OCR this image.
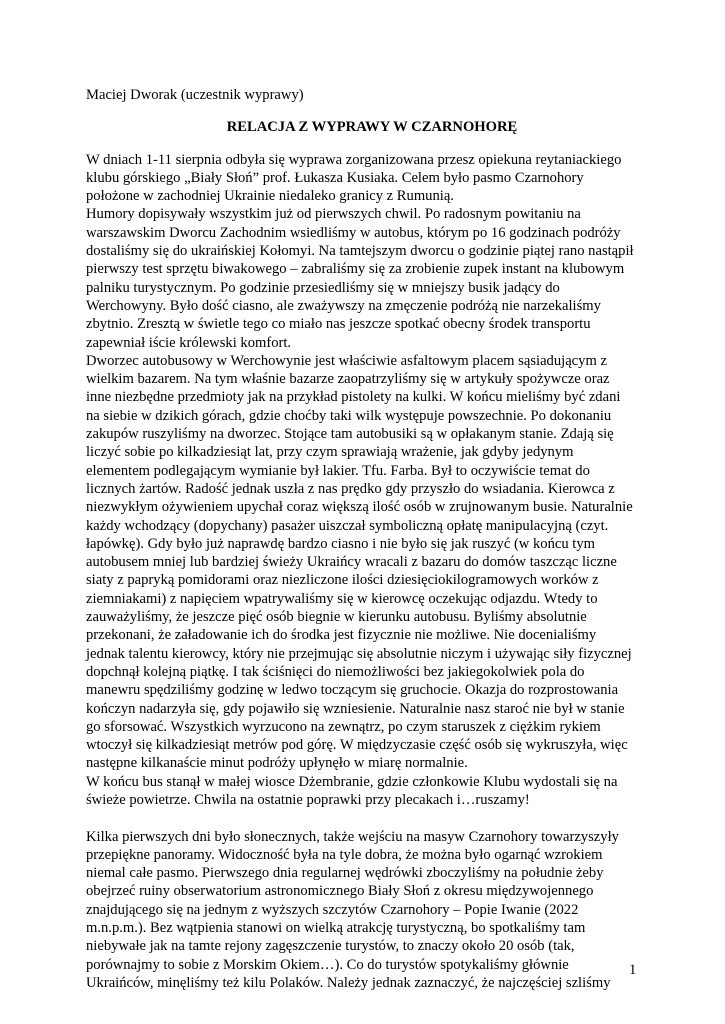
Maciej Dworak (uczestnik wyprawy)

RELACJA Z WYPRAWY W CZARNOHORĘ

W dniach 1-11 sierpnia odbyła się wyprawa zorganizowana przesz opiekuna reytaniackiego
klubu górskiego „Biały Słoń” prof. Łukasza Kusiaka. Celem było pasmo Czarnohory
położone w zachodniej Ukrainie niedaleko granicy z Rumunią.
Humory dopisywały wszystkim już od pierwszych chwil. Po radosnym powitaniu na
warszawskim Dworcu Zachodnim wsiedliśmy w autobus, którym po 16 godzinach podróży
dostaliśmy się do ukraińskiej Kołomyi. Na tamtejszym dworcu o godzinie piątej rano nastąpił
pierwszy test sprzętu biwakowego – zabraliśmy się za zrobienie zupek instant na klubowym
palniku turystycznym. Po godzinie przesiedliśmy się w mniejszy busik jadący do
Werchowyny. Było dość ciasno, ale zważywszy na zmęczenie podróżą nie narzekaliśmy
zbytnio. Zresztą w świetle tego co miało nas jeszcze spotkać obecny środek transportu
zapewniał iście królewski komfort.
Dworzec autobusowy w Werchowynie jest właściwie asfaltowym placem sąsiadującym z
wielkim bazarem. Na tym właśnie bazarze zaopatrzyliśmy się w artykuły spożywcze oraz
inne niezbędne przedmioty jak na przykład pistolety na kulki. W końcu mieliśmy być zdani
na siebie w dzikich górach, gdzie choćby taki wilk występuje powszechnie. Po dokonaniu
zakupów ruszyliśmy na dworzec. Stojące tam autobusiki są w opłakanym stanie. Zdają się
liczyć sobie po kilkadziesiąt lat, przy czym sprawiają wrażenie, jak gdyby jedynym
elementem podlegającym wymianie był lakier. Tfu. Farba. Był to oczywiście temat do
licznych żartów. Radość jednak uszła z nas prędko gdy przyszło do wsiadania. Kierowca z
niezwykłym ożywieniem upychał coraz większą ilość osób w zrujnowanym busie. Naturalnie
każdy wchodzący (dopychany) pasażer uiszczał symboliczną opłatę manipulacyjną (czyt.
łapówkę). Gdy było już naprawdę bardzo ciasno i nie było się jak ruszyć (w końcu tym
autobusem mniej lub bardziej świeży Ukraińcy wracali z bazaru do domów taszcząc liczne
siaty z papryką pomidorami oraz niezliczone ilości dziesięciokilogramowych worków z
ziemniakami) z napięciem wpatrywaliśmy się w kierowcę oczekując odjazdu. Wtedy to
zauważyliśmy, że jeszcze pięć osób biegnie w kierunku autobusu. Byliśmy absolutnie
przekonani, że załadowanie ich do środka jest fizycznie nie możliwe. Nie docenialiśmy
jednak talentu kierowcy, który nie przejmując się absolutnie niczym i używając siły fizycznej
dopchnął kolejną piątkę. I tak ściśnięci do niemożliwości bez jakiegokolwiek pola do
manewru spędziliśmy godzinę w ledwo toczącym się gruchocie. Okazja do rozprostowania
kończyn nadarzyła się, gdy pojawiło się wzniesienie. Naturalnie nasz staroć nie był w stanie
go sforsować. Wszystkich wyrzucono na zewnątrz, po czym staruszek z ciężkim rykiem
wtoczył się kilkadziesiąt metrów pod górę. W międzyczasie część osób się wykruszyła, więc
następne kilkanaście minut podróży upłynęło w miarę normalnie.
W końcu bus stanął w małej wiosce Dżembranie, gdzie członkowie Klubu wydostali się na
świeże powietrze. Chwila na ostatnie poprawki przy plecakach i…ruszamy!
Kilka pierwszych dni było słonecznych, także wejściu na masyw Czarnohory towarzyszyły
przepiękne panoramy. Widoczność była na tyle dobra, że można było ogarnąć wzrokiem
niemal całe pasmo. Pierwszego dnia regularnej wędrówki zboczyliśmy na południe żeby
obejrzeć ruiny obserwatorium astronomicznego Biały Słoń z okresu międzywojennego
znajdującego się na jednym z wyższych szczytów Czarnohory – Popie Iwanie (2022
m.n.p.m.). Bez wątpienia stanowi on wielką atrakcję turystyczną, bo spotkaliśmy tam
niebywałe jak na tamte rejony zagęszczenie turystów, to znaczy około 20 osób (tak,
porównajmy to sobie z Morskim Okiem…). Co do turystów spotykaliśmy głównie
Ukraińców, minęliśmy też kilu Polaków. Należy jednak zaznaczyć, że najczęściej szliśmy
1
